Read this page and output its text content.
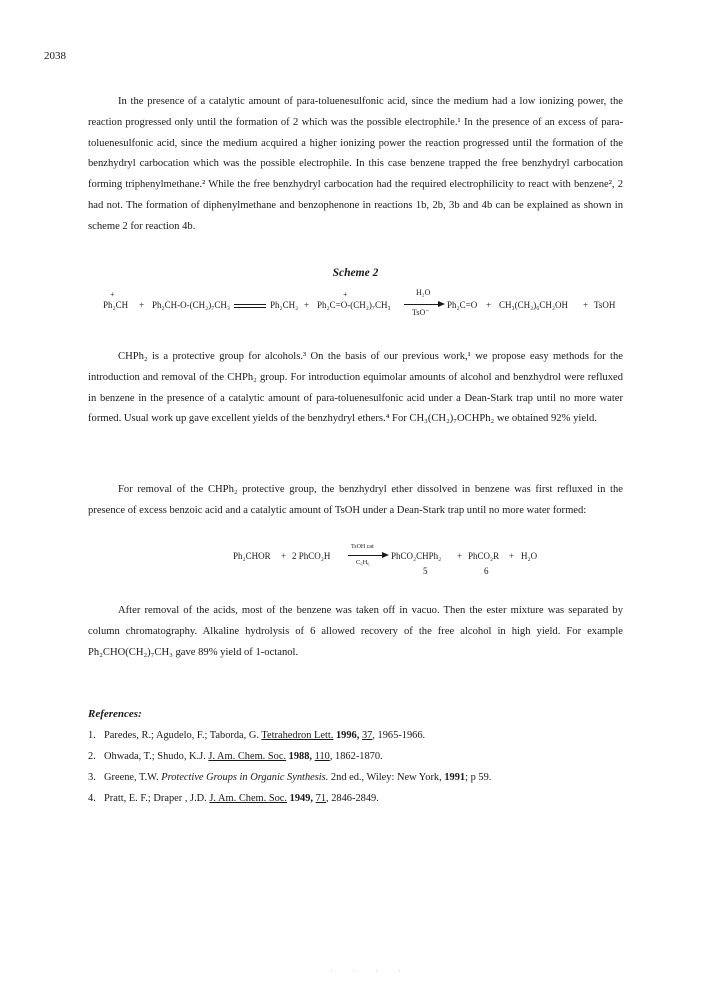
2038

In the presence of a catalytic amount of para-toluenesulfonic acid, since the medium had a low ionizing power, the reaction progressed only until the formation of 2 which was the possible electrophile.¹ In the presence of an excess of para-toluenesulfonic acid, since the medium acquired a higher ionizing power the reaction progressed until the formation of the benzhydryl carbocation which was the possible electrophile. In this case benzene trapped the free benzhydryl carbocation forming triphenylmethane.² While the free benzhydryl carbocation had the required electrophilicity to react with benzene², 2 had not. The formation of diphenylmethane and benzophenone in reactions 1b, 2b, 3b and 4b can be explained as shown in scheme 2 for reaction 4b.

Scheme 2
+
Ph₂CH + Ph₂CH-O-(CH₂)₇CH₃	Ph₂CH₂ +
+
Ph₂C=O-(CH₂)₇CH₃
H₂O
TsO⁻
Ph₂C=O + CH₃(CH₂)₆CH₂OH + TsOH

CHPh₂ is a protective group for alcohols.³ On the basis of our previous work,¹ we propose easy methods for the introduction and removal of the CHPh₂ group. For introduction equimolar amounts of alcohol and benzhydrol were refluxed in benzene in the presence of a catalytic amount of para-toluenesulfonic acid under a Dean-Stark trap until no more water formed. Usual work up gave excellent yields of the benzhydryl ethers.⁴ For CH₃(CH₂)₇OCHPh₂ we obtained 92% yield.

For removal of the CHPh₂ protective group, the benzhydryl ether dissolved in benzene was first refluxed in the presence of excess benzoic acid and a catalytic amount of TsOH under a Dean-Stark trap until no more water formed:

Ph₂CHOR + 2 PhCO₂H
TsOH cat
C₆H₆
PhCO₂CHPh₂ + PhCO₂R + H₂O
5	6

After removal of the acids, most of the benzene was taken off in vacuo. Then the ester mixture was separated by column chromatography. Alkaline hydrolysis of 6 allowed recovery of the free alcohol in high yield. For example Ph₂CHO(CH₂)₇CH₃ gave 89% yield of 1-octanol.

References:
1. Paredes, R.; Agudelo, F.; Taborda, G. Tetrahedron Lett. 1996, 37, 1965-1966.
2. Ohwada, T.; Shudo, K.J. J. Am. Chem. Soc. 1988, 110, 1862-1870.
3. Greene, T.W. Protective Groups in Organic Synthesis. 2nd ed., Wiley: New York, 1991; p 59.
4. Pratt, E. F.; Draper , J.D. J. Am. Chem. Soc. 1949, 71, 2846-2849.
· · · ·
